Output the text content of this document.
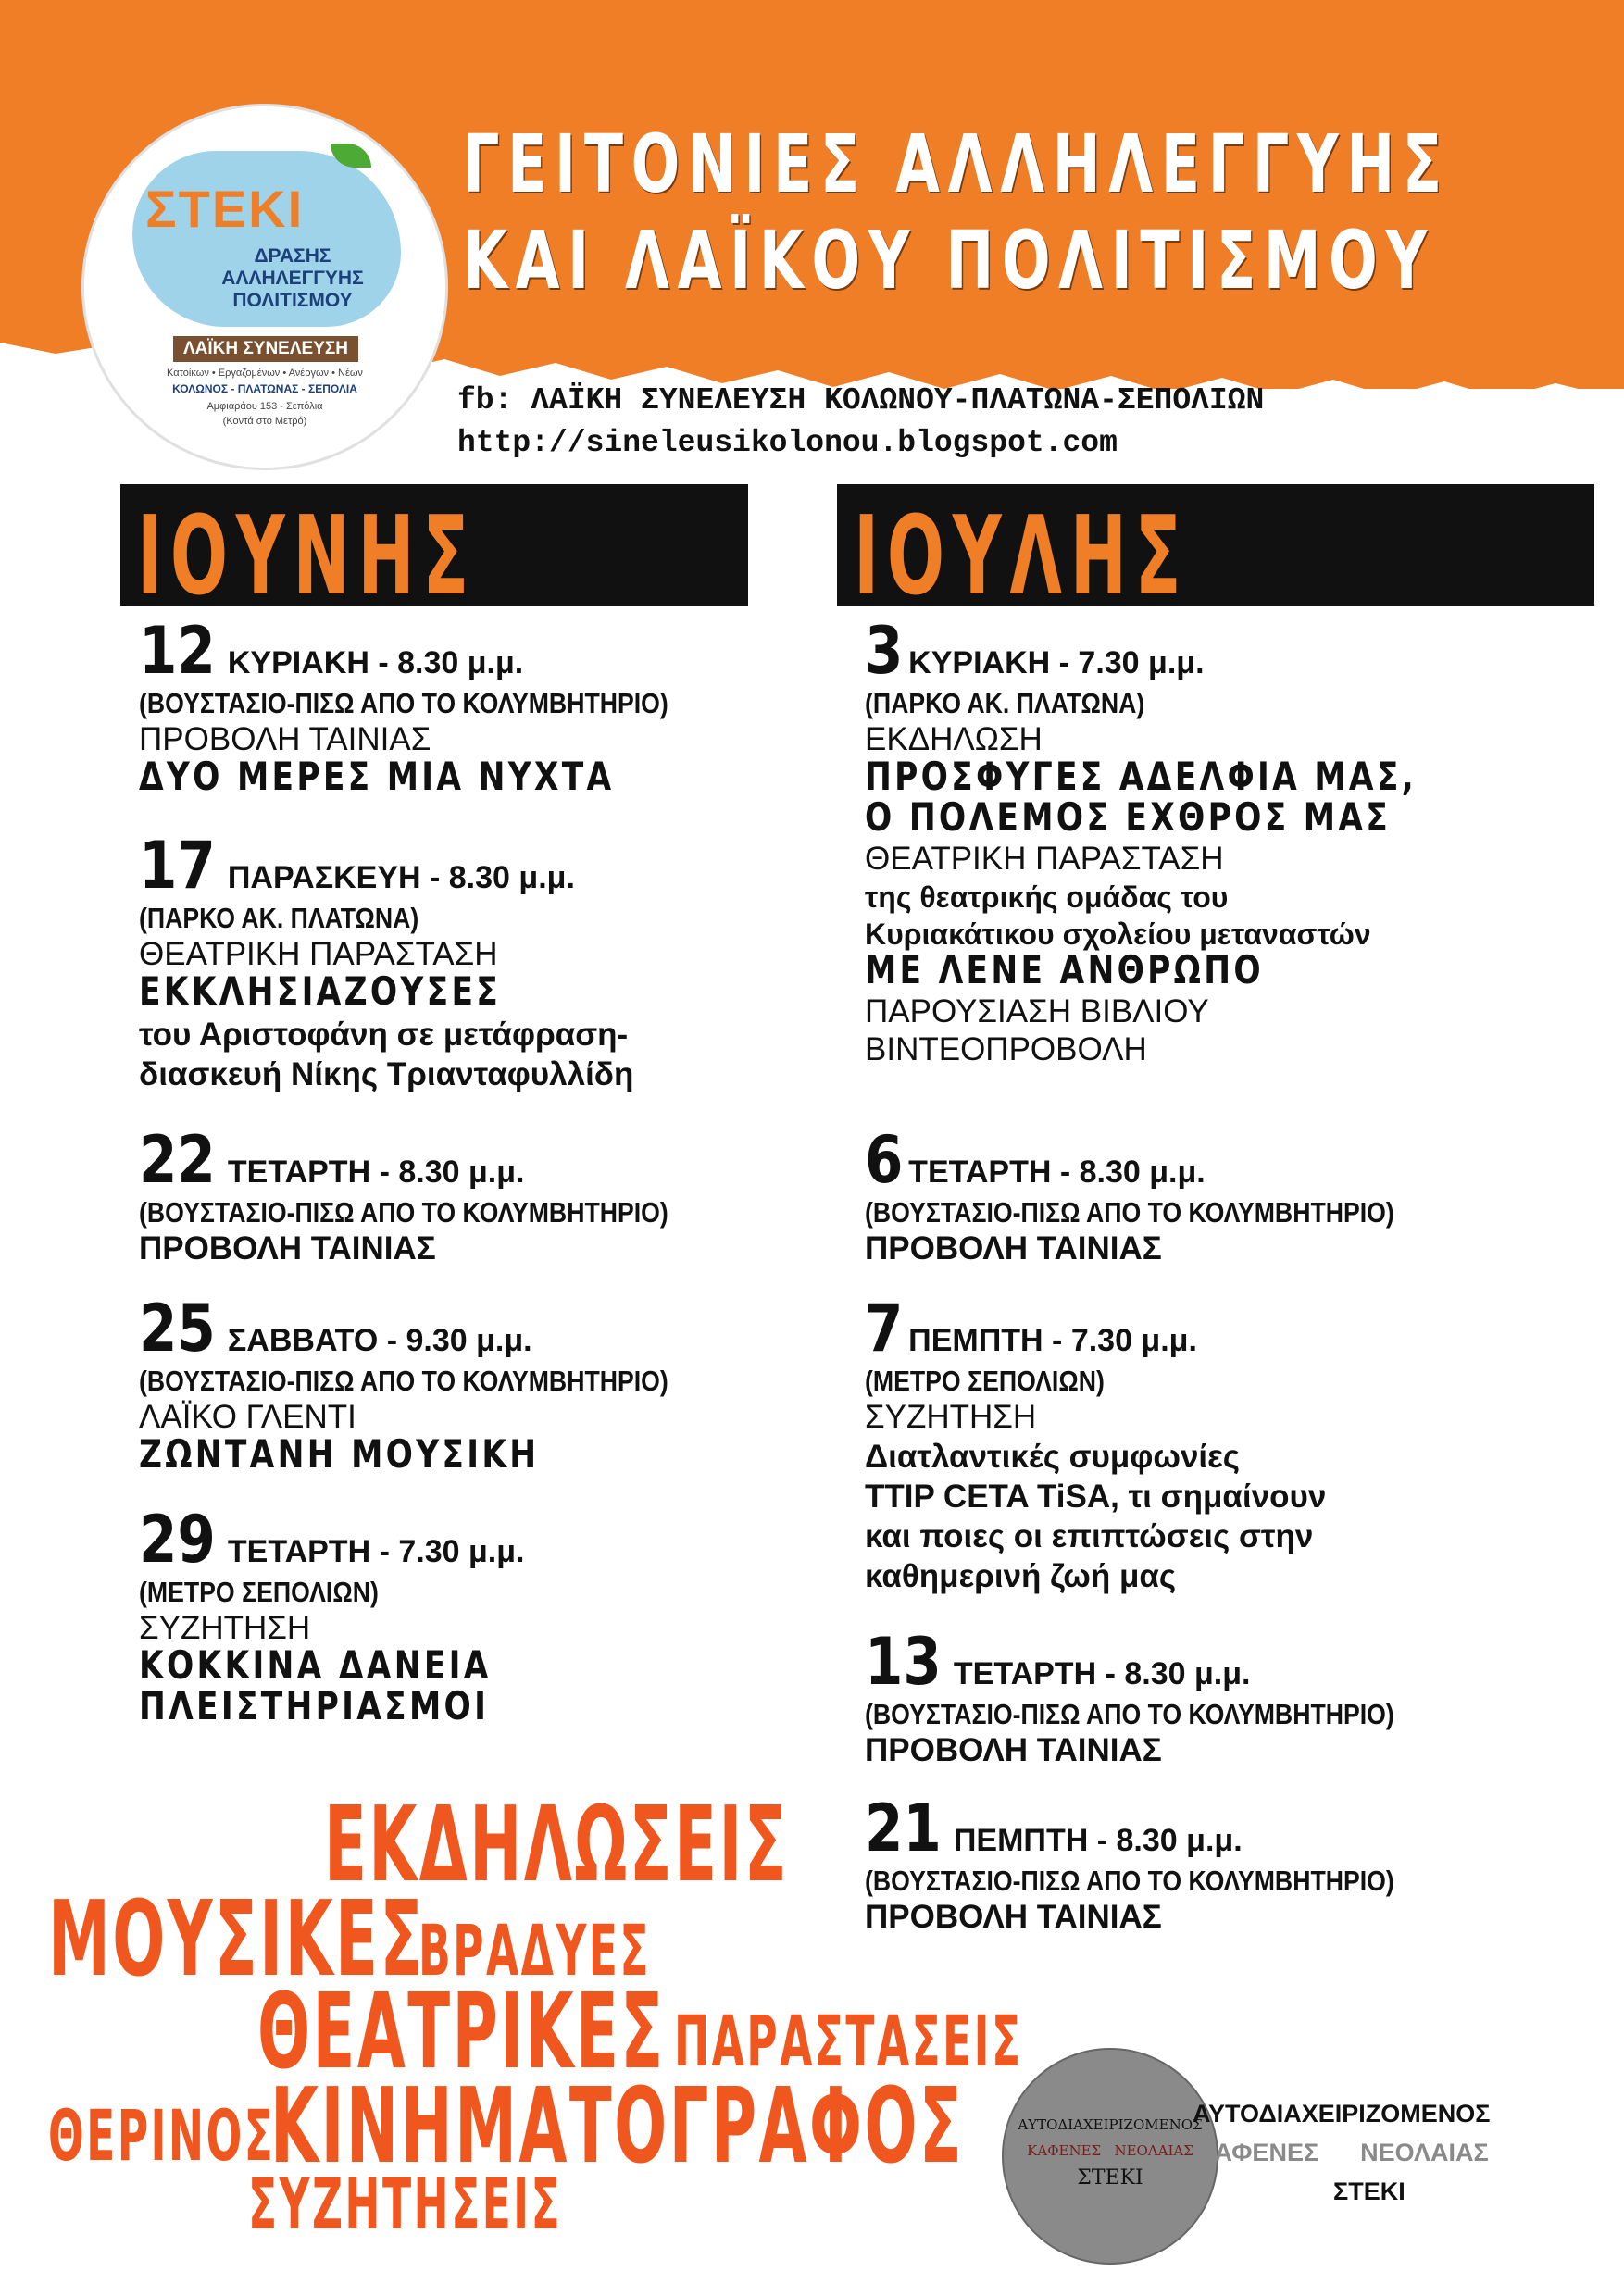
ΣΤΕΚΙ
ΔΡΑΣΗΣ ΑΛΛΗΛΕΓΓΥΗΣ ΠΟΛΙΤΙΣΜΟΥ
ΛΑΪΚΗ ΣΥΝΕΛΕΥΣΗ
Κατοίκων • Εργαζομένων • Ανέργων • Νέων
ΚΟΛΩΝΟΣ - ΠΛΑΤΩΝΑΣ - ΣΕΠΟΛΙΑ
Αμφιαράου 153 - Σεπόλια
(Κοντά στο Μετρό)
ΓΕΙΤΟΝΙΕΣ ΑΛΛΗΛΕΓΓΥΗΣ
ΚΑΙ ΛΑΪΚΟΥ ΠΟΛΙΤΙΣΜΟΥ
fb: ΛΑΪΚΗ ΣΥΝΕΛΕΥΣΗ ΚΟΛΩΝΟΥ-ΠΛΑΤΩΝΑ-ΣΕΠΟΛΙΩΝ
http://sineleusikolonou.blogspot.com
ΙΟΥΝΗΣ	ΙΟΥΛΗΣ
12 ΚΥΡΙΑΚΗ - 8.30 μ.μ.
(ΒΟΥΣΤΑΣΙΟ-ΠΙΣΩ ΑΠΟ ΤΟ ΚΟΛΥΜΒΗΤΗΡΙΟ)
ΠΡΟΒΟΛΗ ΤΑΙΝΙΑΣ
ΔΥΟ ΜΕΡΕΣ ΜΙΑ ΝΥΧΤΑ
17 ΠΑΡΑΣΚΕΥΗ - 8.30 μ.μ.
(ΠΑΡΚΟ ΑΚ. ΠΛΑΤΩΝΑ)
ΘΕΑΤΡΙΚΗ ΠΑΡΑΣΤΑΣΗ
ΕΚΚΛΗΣΙΑΖΟΥΣΕΣ
του Αριστοφάνη σε μετάφραση-
διασκευή Νίκης Τριανταφυλλίδη
22 ΤΕΤΑΡΤΗ - 8.30 μ.μ.
(ΒΟΥΣΤΑΣΙΟ-ΠΙΣΩ ΑΠΟ ΤΟ ΚΟΛΥΜΒΗΤΗΡΙΟ)
ΠΡΟΒΟΛΗ ΤΑΙΝΙΑΣ
25 ΣΑΒΒΑΤΟ - 9.30 μ.μ.
(ΒΟΥΣΤΑΣΙΟ-ΠΙΣΩ ΑΠΟ ΤΟ ΚΟΛΥΜΒΗΤΗΡΙΟ)
ΛΑΪΚΟ ΓΛΕΝΤΙ
ΖΩΝΤΑΝΗ ΜΟΥΣΙΚΗ
29 ΤΕΤΑΡΤΗ - 7.30 μ.μ.
(ΜΕΤΡΟ ΣΕΠΟΛΙΩΝ)
ΣΥΖΗΤΗΣΗ
ΚΟΚΚΙΝΑ ΔΑΝΕΙΑ
ΠΛΕΙΣΤΗΡΙΑΣΜΟΙ
3 ΚΥΡΙΑΚΗ - 7.30 μ.μ.
(ΠΑΡΚΟ ΑΚ. ΠΛΑΤΩΝΑ)
ΕΚΔΗΛΩΣΗ
ΠΡΟΣΦΥΓΕΣ ΑΔΕΛΦΙΑ ΜΑΣ,
Ο ΠΟΛΕΜΟΣ ΕΧΘΡΟΣ ΜΑΣ
ΘΕΑΤΡΙΚΗ ΠΑΡΑΣΤΑΣΗ
της θεατρικής ομάδας του
Κυριακάτικου σχολείου μεταναστών
ΜΕ ΛΕΝΕ ΑΝΘΡΩΠΟ
ΠΑΡΟΥΣΙΑΣΗ ΒΙΒΛΙΟΥ
ΒΙΝΤΕΟΠΡΟΒΟΛΗ
6 ΤΕΤΑΡΤΗ - 8.30 μ.μ.
(ΒΟΥΣΤΑΣΙΟ-ΠΙΣΩ ΑΠΟ ΤΟ ΚΟΛΥΜΒΗΤΗΡΙΟ)
ΠΡΟΒΟΛΗ ΤΑΙΝΙΑΣ
7 ΠΕΜΠΤΗ - 7.30 μ.μ.
(ΜΕΤΡΟ ΣΕΠΟΛΙΩΝ)
ΣΥΖΗΤΗΣΗ
Διατλαντικές συμφωνίες
TTIP CETA TiSA, τι σημαίνουν
και ποιες οι επιπτώσεις στην
καθημερινή ζωή μας
13 ΤΕΤΑΡΤΗ - 8.30 μ.μ.
(ΒΟΥΣΤΑΣΙΟ-ΠΙΣΩ ΑΠΟ ΤΟ ΚΟΛΥΜΒΗΤΗΡΙΟ)
ΠΡΟΒΟΛΗ ΤΑΙΝΙΑΣ
21 ΠΕΜΠΤΗ - 8.30 μ.μ.
(ΒΟΥΣΤΑΣΙΟ-ΠΙΣΩ ΑΠΟ ΤΟ ΚΟΛΥΜΒΗΤΗΡΙΟ)
ΠΡΟΒΟΛΗ ΤΑΙΝΙΑΣ
ΕΚΔΗΛΩΣΕΙΣ
ΜΟΥΣΙΚΕΣ
ΒΡΑΔΥΕΣ
ΘΕΑΤΡΙΚΕΣ ΠΑΡΑΣΤΑΣΕΙΣ
ΘΕΡΙΝΟΣ
ΚΙΝΗΜΑΤΟΓΡΑΦΟΣ
ΣΥΖΗΤΗΣΕΙΣ
ΑΥΤΟΔΙΑΧΕΙΡΙΖΟΜΕΝΟΣ
ΚΑΦΕΝΕΣ ΝΕΟΛΑΙΑΣ
ΣΤΕΚΙ
ΑΥΤΟΔΙΑΧΕΙΡΙΖΟΜΕΝΟΣ
ΚΑΦΕΝΕΣ ΝΕΟΛΑΙΑΣ
ΣΤΕΚΙ
